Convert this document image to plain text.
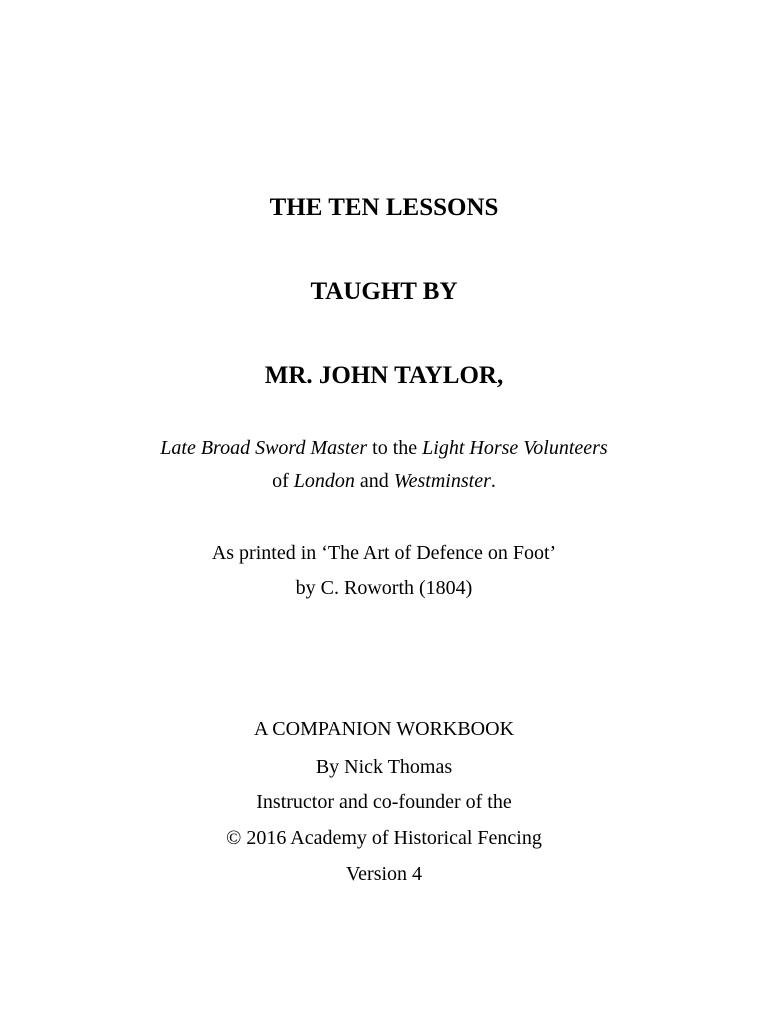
THE TEN LESSONS
TAUGHT BY
MR. JOHN TAYLOR,
Late Broad Sword Master to the Light Horse Volunteers
of London and Westminster.
As printed in ‘The Art of Defence on Foot’
by C. Roworth (1804)
A COMPANION WORKBOOK
By Nick Thomas
Instructor and co-founder of the
© 2016 Academy of Historical Fencing
Version 4
